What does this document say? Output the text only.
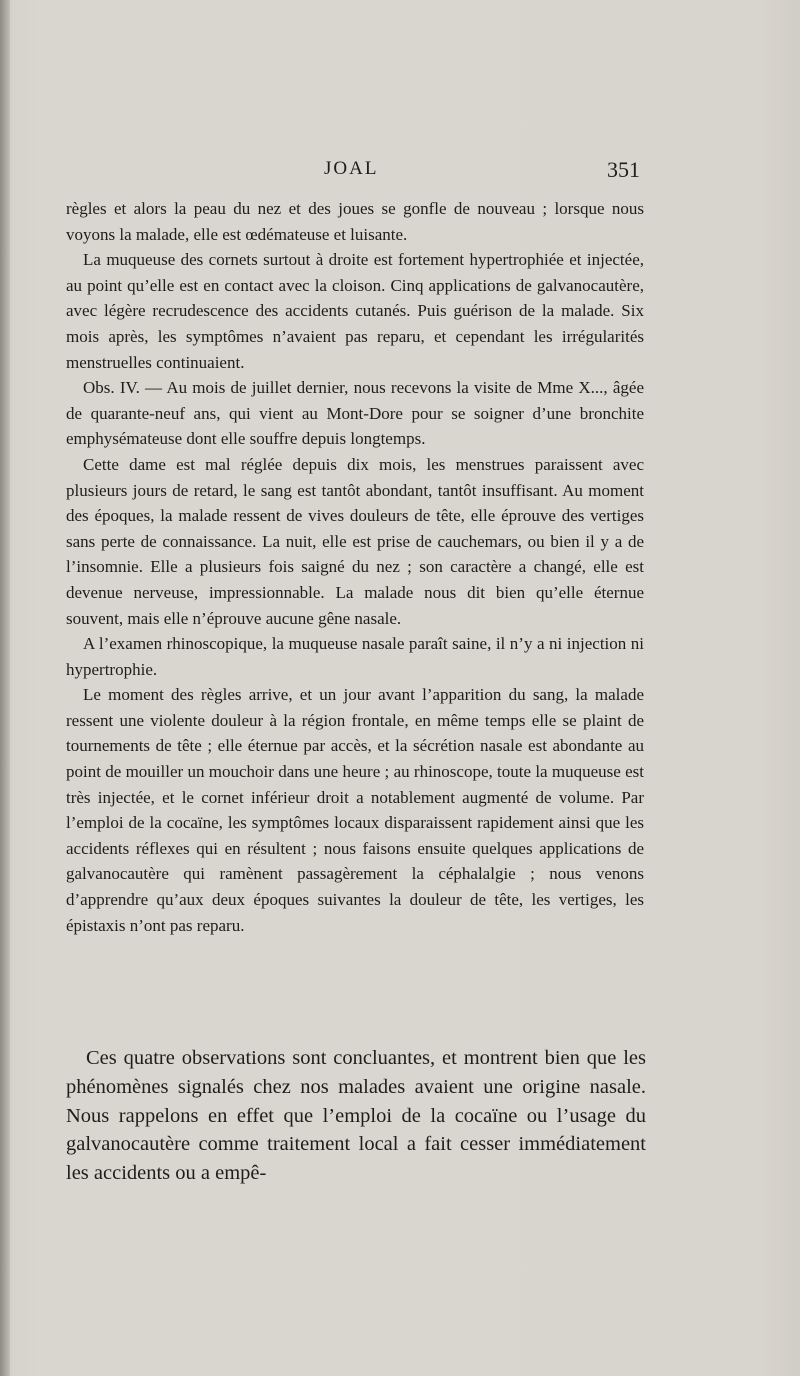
JOAL	351

règles et alors la peau du nez et des joues se gonfle de nouveau ; lorsque nous voyons la malade, elle est œdémateuse et luisante.

La muqueuse des cornets surtout à droite est fortement hypertrophiée et injectée, au point qu’elle est en contact avec la cloison. Cinq applications de galvanocautère, avec légère recrudescence des accidents cutanés. Puis guérison de la malade. Six mois après, les symptômes n’avaient pas reparu, et cependant les irrégularités menstruelles continuaient.

Obs. IV. — Au mois de juillet dernier, nous recevons la visite de Mme X..., âgée de quarante-neuf ans, qui vient au Mont-Dore pour se soigner d’une bronchite emphysémateuse dont elle souffre depuis longtemps.

Cette dame est mal réglée depuis dix mois, les menstrues paraissent avec plusieurs jours de retard, le sang est tantôt abondant, tantôt insuffisant. Au moment des époques, la malade ressent de vives douleurs de tête, elle éprouve des vertiges sans perte de connaissance. La nuit, elle est prise de cauchemars, ou bien il y a de l’insomnie. Elle a plusieurs fois saigné du nez ; son caractère a changé, elle est devenue nerveuse, impressionnable. La malade nous dit bien qu’elle éternue souvent, mais elle n’éprouve aucune gêne nasale.

A l’examen rhinoscopique, la muqueuse nasale paraît saine, il n’y a ni injection ni hypertrophie.

Le moment des règles arrive, et un jour avant l’apparition du sang, la malade ressent une violente douleur à la région frontale, en même temps elle se plaint de tournements de tête ; elle éternue par accès, et la sécrétion nasale est abondante au point de mouiller un mouchoir dans une heure ; au rhinoscope, toute la muqueuse est très injectée, et le cornet inférieur droit a notablement augmenté de volume. Par l’emploi de la cocaïne, les symptômes locaux disparaissent rapidement ainsi que les accidents réflexes qui en résultent ; nous faisons ensuite quelques applications de galvanocautère qui ramènent passagèrement la céphalalgie ; nous venons d’apprendre qu’aux deux époques suivantes la douleur de tête, les vertiges, les épistaxis n’ont pas reparu.

Ces quatre observations sont concluantes, et montrent bien que les phénomènes signalés chez nos malades avaient une origine nasale. Nous rappelons en effet que l’emploi de la cocaïne ou l’usage du galvanocautère comme traitement local a fait cesser immédiatement les accidents ou a empê-
